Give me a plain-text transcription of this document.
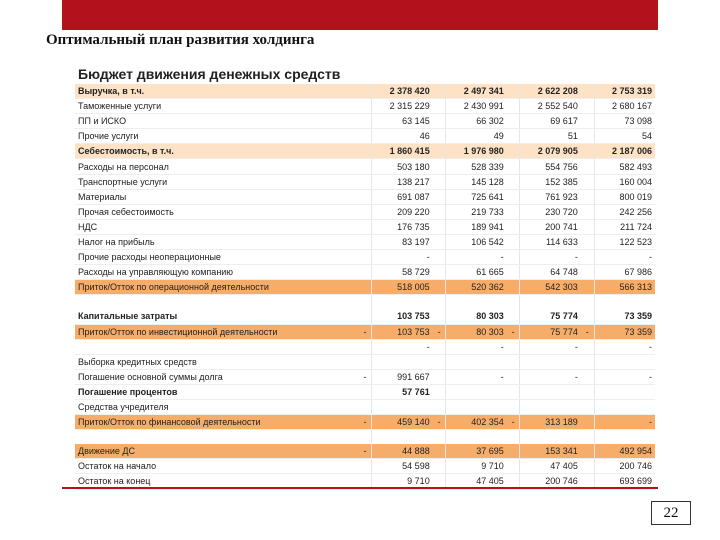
Оптимальный план развития холдинга
Бюджет движения денежных средств
Выручка, в т.ч.		2 378 420		2 497 341		2 622 208		2 753 319
Таможенные услуги		2 315 229		2 430 991		2 552 540		2 680 167
ПП и ИСКО		63 145		66 302		69 617		73 098
Прочие услуги		46		49		51		54
Себестоимость, в т.ч.		1 860 415		1 976 980		2 079 905		2 187 006
Расходы на персонал		503 180		528 339		554 756		582 493
Транспортные услуги		138 217		145 128		152 385		160 004
Материалы		691 087		725 641		761 923		800 019
Прочая себестоимость		209 220		219 733		230 720		242 256
НДС		176 735		189 941		200 741		211 724
Налог на прибыль		83 197		106 542		114 633		122 523
Прочие расходы неоперационные		-		-		-		-
Расходы на управляющую компанию		58 729		61 665		64 748		67 986
Приток/Отток по операционной деятельности		518 005		520 362		542 303		566 313

Капитальные затраты		103 753		80 303		75 774		73 359
Приток/Отток по инвестиционной деятельности	-	103 753	-	80 303	-	75 774	-	73 359
		-		-		-		-
Выборка кредитных средств								
Погашение основной суммы долга	-	991 667		-		-		-
Погашение процентов		57 761						
Средства учредителя								
Приток/Отток по финансовой деятельности	-	459 140	-	402 354	-	313 189		-

Движение ДС	-	44 888		37 695		153 341		492 954
Остаток на начало		54 598		9 710		47 405		200 746
Остаток на конец		9 710		47 405		200 746		693 699
22
